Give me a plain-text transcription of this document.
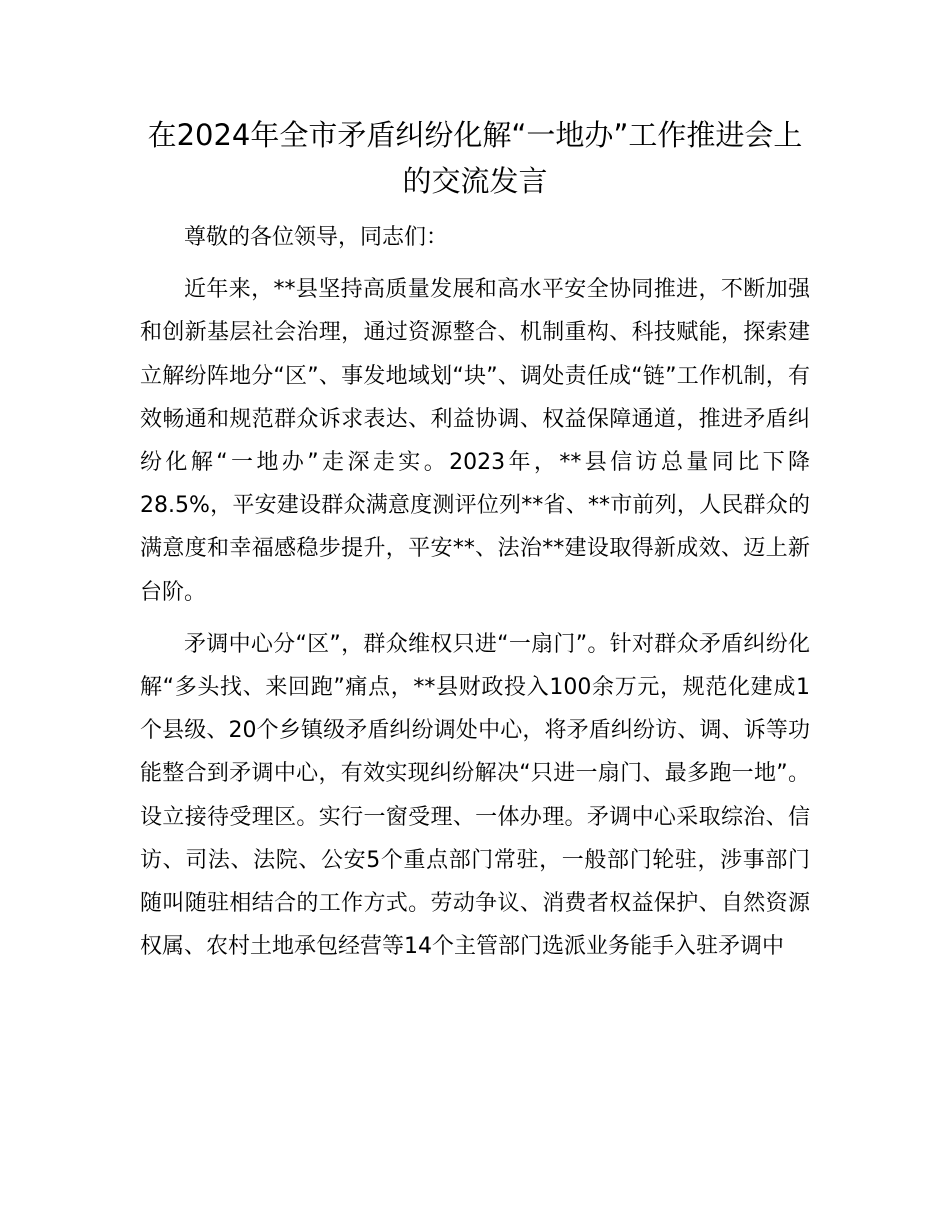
在2024年全市矛盾纠纷化解“一地办”工作推进会上的交流发言

尊敬的各位领导，同志们：

近年来，**县坚持高质量发展和高水平安全协同推进，不断加强和创新基层社会治理，通过资源整合、机制重构、科技赋能，探索建立解纷阵地分“区”、事发地域划“块”、调处责任成“链”工作机制，有效畅通和规范群众诉求表达、利益协调、权益保障通道，推进矛盾纠纷化解“一地办”走深走实。2023年，**县信访总量同比下降28.5%，平安建设群众满意度测评位列**省、**市前列，人民群众的满意度和幸福感稳步提升，平安**、法治**建设取得新成效、迈上新台阶。

矛调中心分“区”，群众维权只进“一扇门”。针对群众矛盾纠纷化解“多头找、来回跑”痛点，**县财政投入100余万元，规范化建成1个县级、20个乡镇级矛盾纠纷调处中心，将矛盾纠纷访、调、诉等功能整合到矛调中心，有效实现纠纷解决“只进一扇门、最多跑一地”。设立接待受理区。实行一窗受理、一体办理。矛调中心采取综治、信访、司法、法院、公安5个重点部门常驻，一般部门轮驻，涉事部门随叫随驻相结合的工作方式。劳动争议、消费者权益保护、自然资源权属、农村土地承包经营等14个主管部门选派业务能手入驻矛调中
